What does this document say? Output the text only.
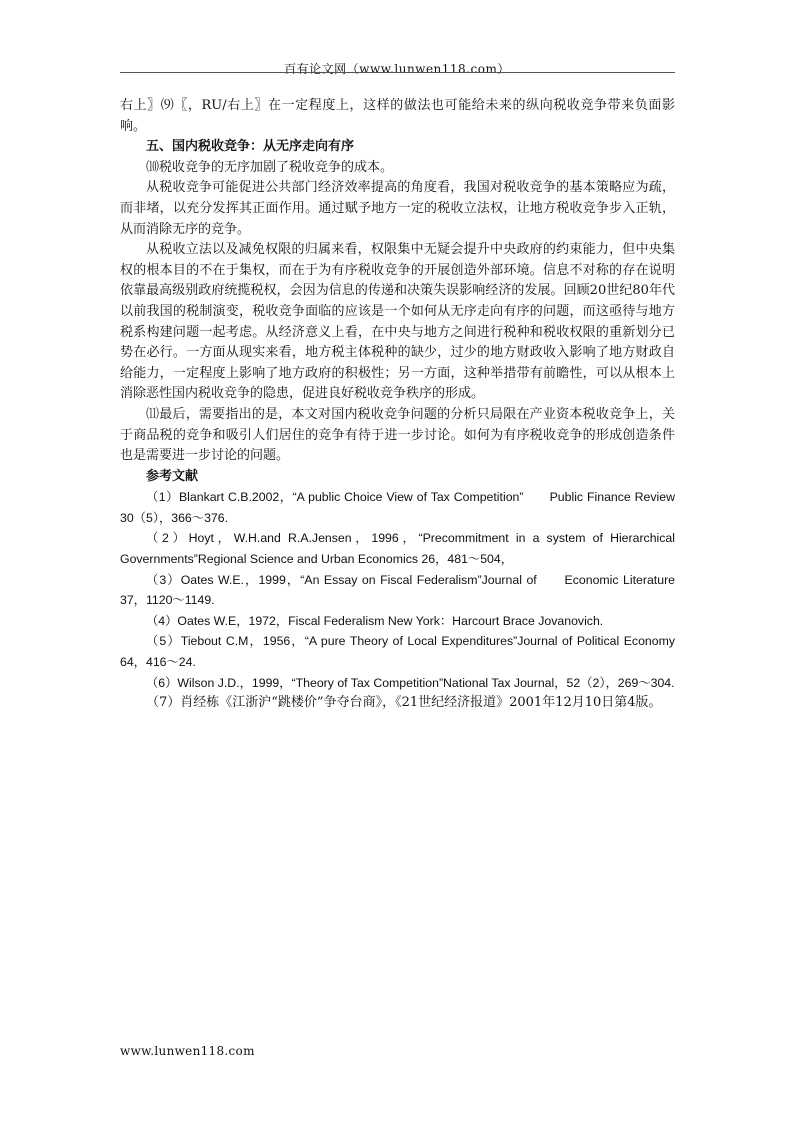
百有论文网（www.lunwen118.com）

右上〗⑼〖，RU/右上〗在一定程度上，这样的做法也可能给未来的纵向税收竞争带来负面影响。

五、国内税收竞争：从无序走向有序

⑽税收竞争的无序加剧了税收竞争的成本。

从税收竞争可能促进公共部门经济效率提高的角度看，我国对税收竞争的基本策略应为疏，而非堵，以充分发挥其正面作用。通过赋予地方一定的税收立法权，让地方税收竞争步入正轨，从而消除无序的竞争。

从税收立法以及减免权限的归属来看，权限集中无疑会提升中央政府的约束能力，但中央集权的根本目的不在于集权，而在于为有序税收竞争的开展创造外部环境。信息不对称的存在说明依靠最高级别政府统揽税权，会因为信息的传递和决策失误影响经济的发展。回顾20世纪80年代以前我国的税制演变，税收竞争面临的应该是一个如何从无序走向有序的问题，而这亟待与地方税系构建问题一起考虑。从经济意义上看，在中央与地方之间进行税种和税收权限的重新划分已势在必行。一方面从现实来看，地方税主体税种的缺少，过少的地方财政收入影响了地方财政自给能力，一定程度上影响了地方政府的积极性；另一方面，这种举措带有前瞻性，可以从根本上消除恶性国内税收竞争的隐患，促进良好税收竞争秩序的形成。

⑾最后，需要指出的是，本文对国内税收竞争问题的分析只局限在产业资本税收竞争上，关于商品税的竞争和吸引人们居住的竞争有待于进一步讨论。如何为有序税收竞争的形成创造条件也是需要进一步讨论的问题。

参考文献

（1）Blankart C.B.2002，“A public Choice View of Tax Competition”　　Public Finance Review 30（5），366～376.

（2）Hoyt，W.H.and R.A.Jensen，1996，“Precommitment in a system of Hierarchical Governments”Regional Science and Urban Economics 26，481～504，

（3）Oates W.E.，1999，“An Essay on Fiscal Federalism”Journal of　　Economic Literature 37，1120～1149.

（4）Oates W.E，1972，Fiscal Federalism New York：Harcourt Brace Jovanovich.

（5）Tiebout C.M，1956，“A pure Theory of Local Expenditures”Journal of Political Economy 64，416～24.

（6）Wilson J.D.，1999，“Theory of Tax Competition”National Tax Journal，52（2），269～304.

（7）肖经栋《江浙沪“跳楼价”争夺台商》，《21世纪经济报道》2001年12月10日第4版。

www.lunwen118.com
